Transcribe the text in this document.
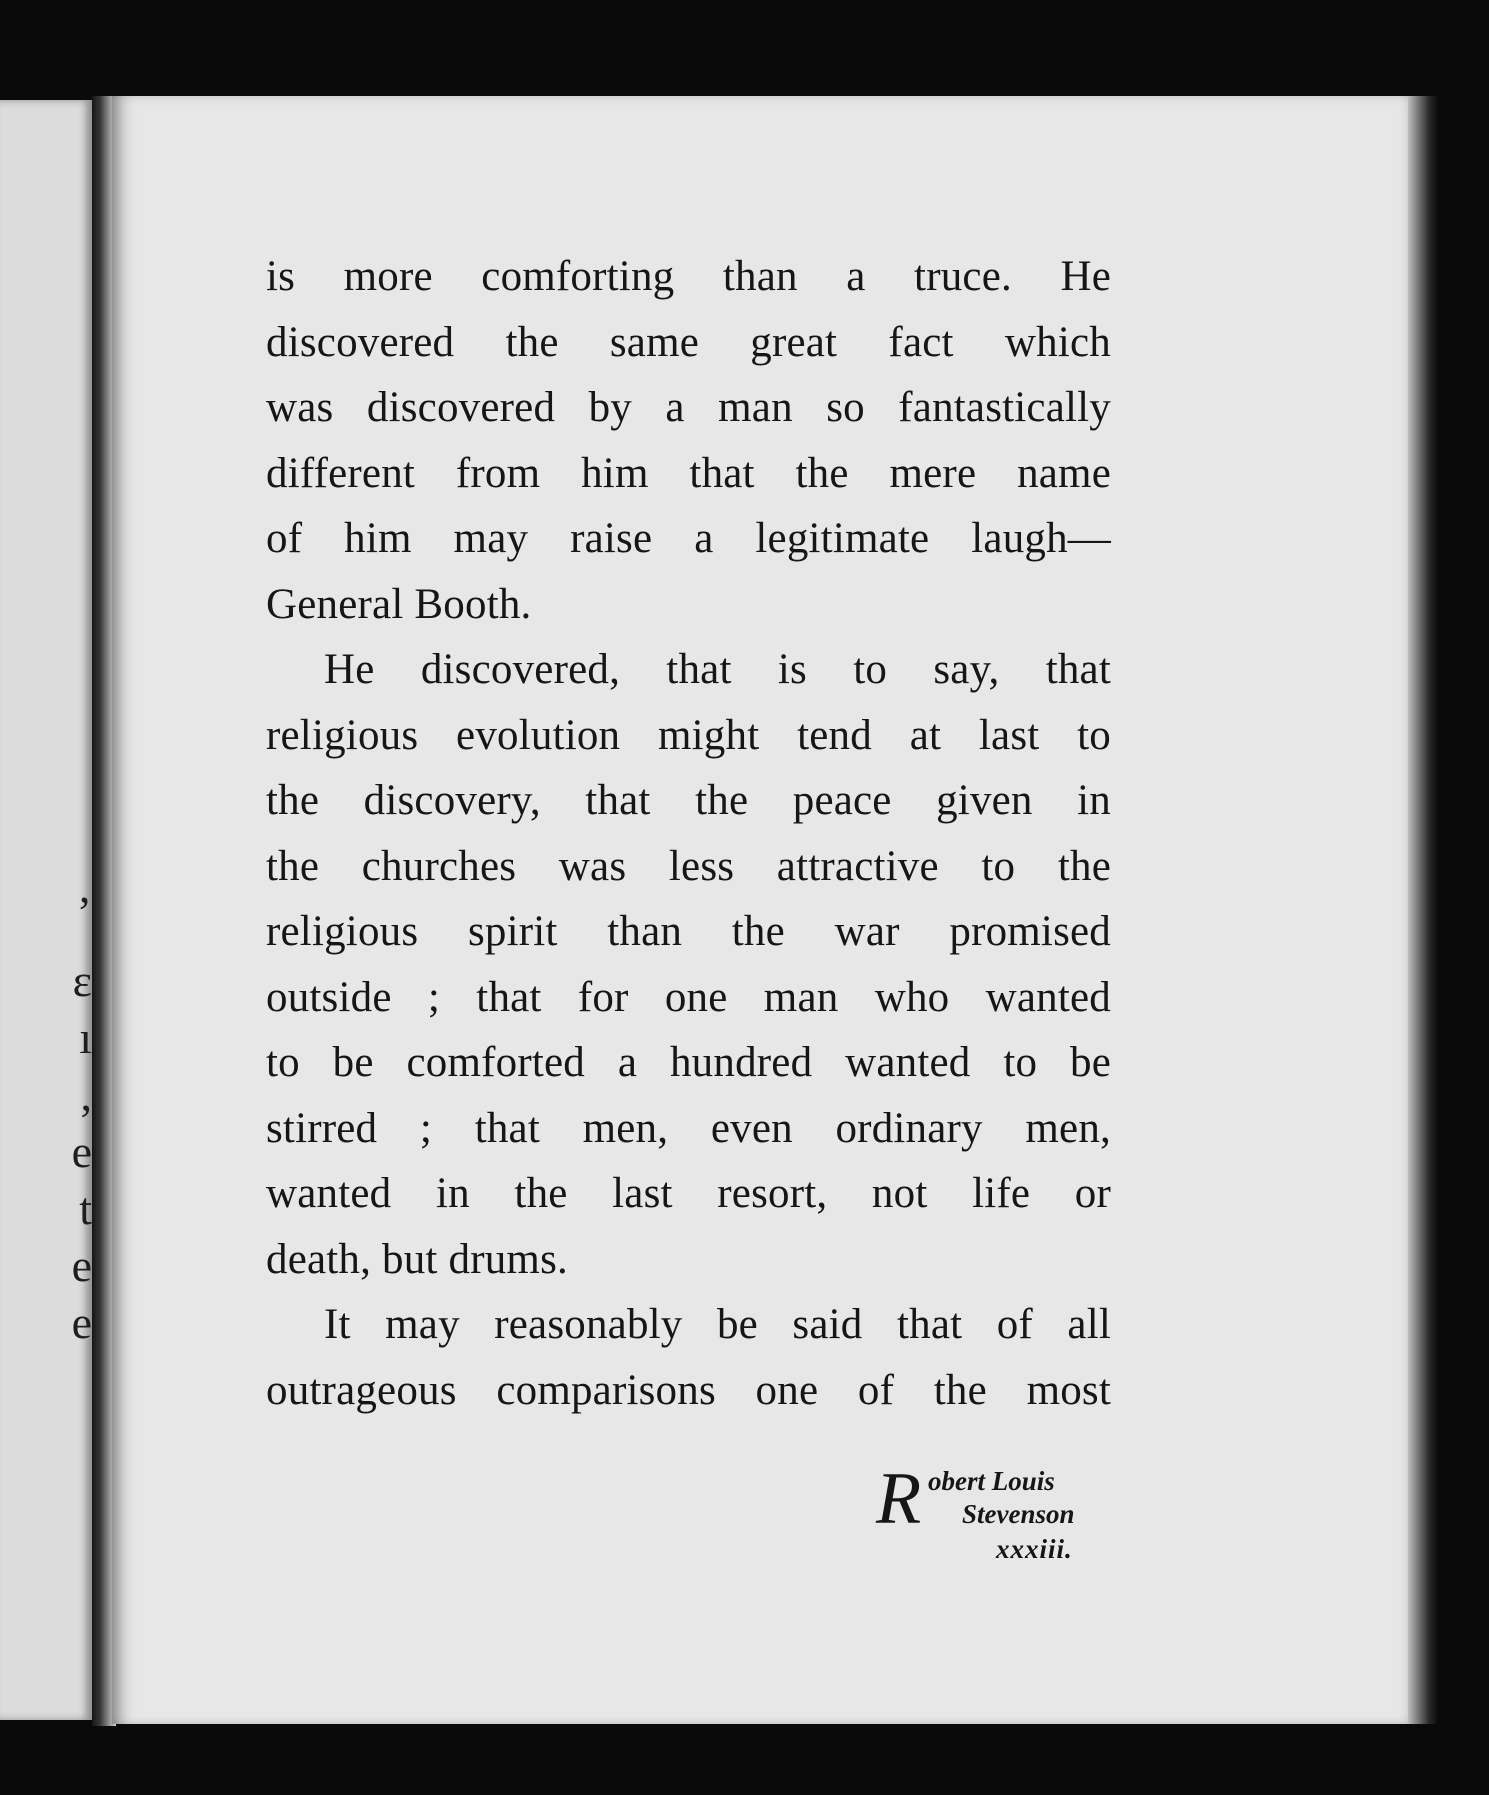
ʼ
ɛ
ı
,
e
t
e
e
is more comforting than a truce. He
discovered the same great fact which
was discovered by a man so fantastically
different from him that the mere name
of him may raise a legitimate laugh—
General Booth.
He discovered, that is to say, that
religious evolution might tend at last to
the discovery, that the peace given in
the churches was less attractive to the
religious spirit than the war promised
outside ; that for one man who wanted
to be comforted a hundred wanted to be
stirred ; that men, even ordinary men,
wanted in the last resort, not life or
death, but drums.
It may reasonably be said that of all
outrageous comparisons one of the most
R obert Louis
Stevenson
xxxiii.
